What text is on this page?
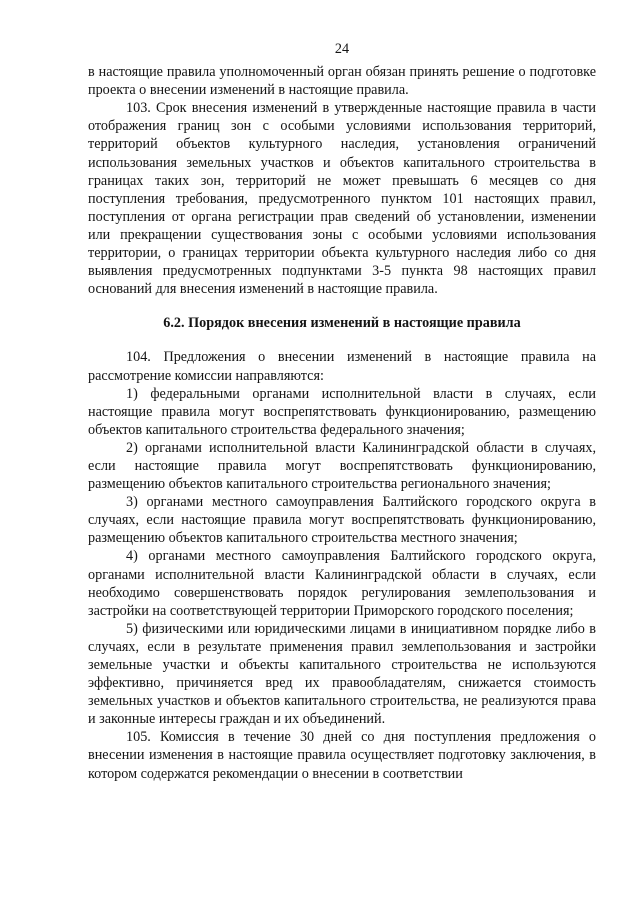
24

в настоящие правила уполномоченный орган обязан принять решение о подготовке проекта о внесении изменений в настоящие правила.

103. Срок внесения изменений в утвержденные настоящие правила в части отображения границ зон с особыми условиями использования территорий, территорий объектов культурного наследия, установления ограничений использования земельных участков и объектов капитального строительства в границах таких зон, территорий не может превышать 6 месяцев со дня поступления требования, предусмотренного пунктом 101 настоящих правил, поступления от органа регистрации прав сведений об установлении, изменении или прекращении существования зоны с особыми условиями использования территории, о границах территории объекта культурного наследия либо со дня выявления предусмотренных подпунктами 3-5 пункта 98 настоящих правил оснований для внесения изменений в настоящие правила.

6.2. Порядок внесения изменений в настоящие правила

104. Предложения о внесении изменений в настоящие правила на рассмотрение комиссии направляются:

1) федеральными органами исполнительной власти в случаях, если настоящие правила могут воспрепятствовать функционированию, размещению объектов капитального строительства федерального значения;

2) органами исполнительной власти Калининградской области в случаях, если настоящие правила могут воспрепятствовать функционированию, размещению объектов капитального строительства регионального значения;

3) органами местного самоуправления Балтийского городского округа в случаях, если настоящие правила могут воспрепятствовать функционированию, размещению объектов капитального строительства местного значения;

4) органами местного самоуправления Балтийского городского округа, органами исполнительной власти Калининградской области в случаях, если необходимо совершенствовать порядок регулирования землепользования и застройки на соответствующей территории Приморского городского поселения;

5) физическими или юридическими лицами в инициативном порядке либо в случаях, если в результате применения правил землепользования и застройки земельные участки и объекты капитального строительства не используются эффективно, причиняется вред их правообладателям, снижается стоимость земельных участков и объектов капитального строительства, не реализуются права и законные интересы граждан и их объединений.

105. Комиссия в течение 30 дней со дня поступления предложения о внесении изменения в настоящие правила осуществляет подготовку заключения, в котором содержатся рекомендации о внесении в соответствии
